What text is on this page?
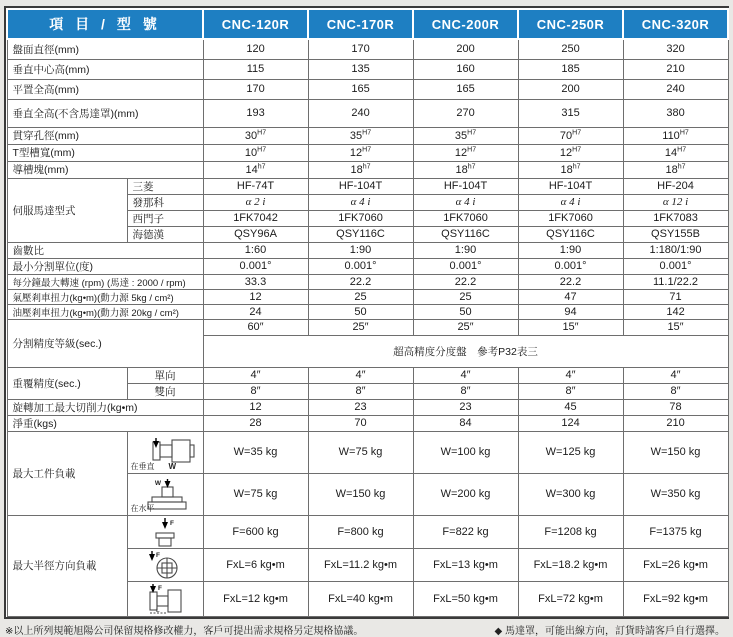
項 目 / 型 號		CNC-120R	CNC-170R	CNC-200R	CNC-250R	CNC-320R
盤面直徑(mm)		120	170	200	250	320
垂直中心高(mm)		115	135	160	185	210
平置全高(mm)		170	165	165	200	240
垂直全高(不含馬達罩)(mm)		193	240	270	315	380
貫穿孔徑(mm)		$30^{H7}$	$35^{H7}$	$35^{H7}$	$70^{H7}$	$110^{H7}$
T型槽寬(mm)		$10^{H7}$	$12^{H7}$	$12^{H7}$	$12^{H7}$	$14^{H7}$
導槽塊(mm)		$14^{h7}$	$18^{h7}$	$18^{h7}$	$18^{h7}$	$18^{h7}$
伺服馬達型式	三菱	HF-74T	HF-104T	HF-104T	HF-104T	HF-204
	發那科	α 2 i	α 4 i	α 4 i	α 4 i	α 12 i
	西門子	1FK7042	1FK7060	1FK7060	1FK7060	1FK7083
	海德漢	QSY96A	QSY116C	QSY116C	QSY116C	QSY155B
齒數比		1:60	1:90	1:90	1:90	1:180/1:90
最小分割單位(度)		0.001°	0.001°	0.001°	0.001°	0.001°
每分鐘最大轉速 (rpm) (馬達 : 2000 / rpm)		33.3	22.2	22.2	22.2	11.1/22.2
氣壓剎車扭力(kg•m)(動力源 5kg / cm²)		12	25	25	47	71
油壓剎車扭力(kg•m)(動力源 20kg / cm²)		24	50	50	94	142
分割精度等級(sec.)		60″	25″	25″	15″	15″
		超高精度分度盤　參考P32表三				
重覆精度(sec.)	單向	4″	4″	4″	4″	4″
	雙向	8″	8″	8″	8″	8″
旋轉加工最大切削力(kg•m)		12	23	23	45	78
淨重(kgs)		28	70	84	124	210
最大工件負載	在垂直 W	W=35 kg	W=75 kg	W=100 kg	W=125 kg	W=150 kg

W
在水平	W=75 kg	W=150 kg	W=200 kg	W=300 kg	W=350 kg
最大半徑方向負載	F	F=600 kg	F=800 kg	F=822 kg	F=1208 kg	F=1375 kg

F	FxL=6 kg•m	FxL=11.2 kg•m	FxL=13 kg•m	FxL=18.2 kg•m	FxL=26 kg•m

F
L	FxL=12 kg•m	FxL=40 kg•m	FxL=50 kg•m	FxL=72 kg•m	FxL=92 kg•m
※以上所列規範旭陽公司保留規格修改權力，客戶可提出需求規格另定規格協議。	◆ 馬達罩，可能出線方向，訂貨時請客戶自行選擇。
